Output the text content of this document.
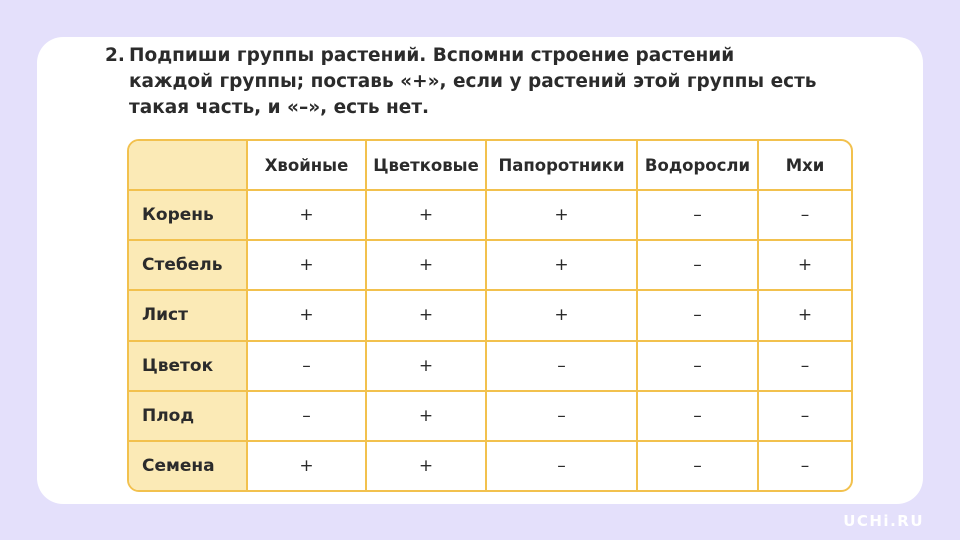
2. Подпиши группы растений. Вспомни строение растений каждой группы; поставь «+», если у растений этой группы есть такая часть, и «–», есть нет.
	Хвойные	Цветковые	Папоротники	Водоросли	Мхи
Корень	+	+	+	–	–
Стебель	+	+	+	–	+
Лист	+	+	+	–	+
Цветок	–	+	–	–	–
Плод	–	+	–	–	–
Семена	+	+	–	–	–
UCHi.RU
